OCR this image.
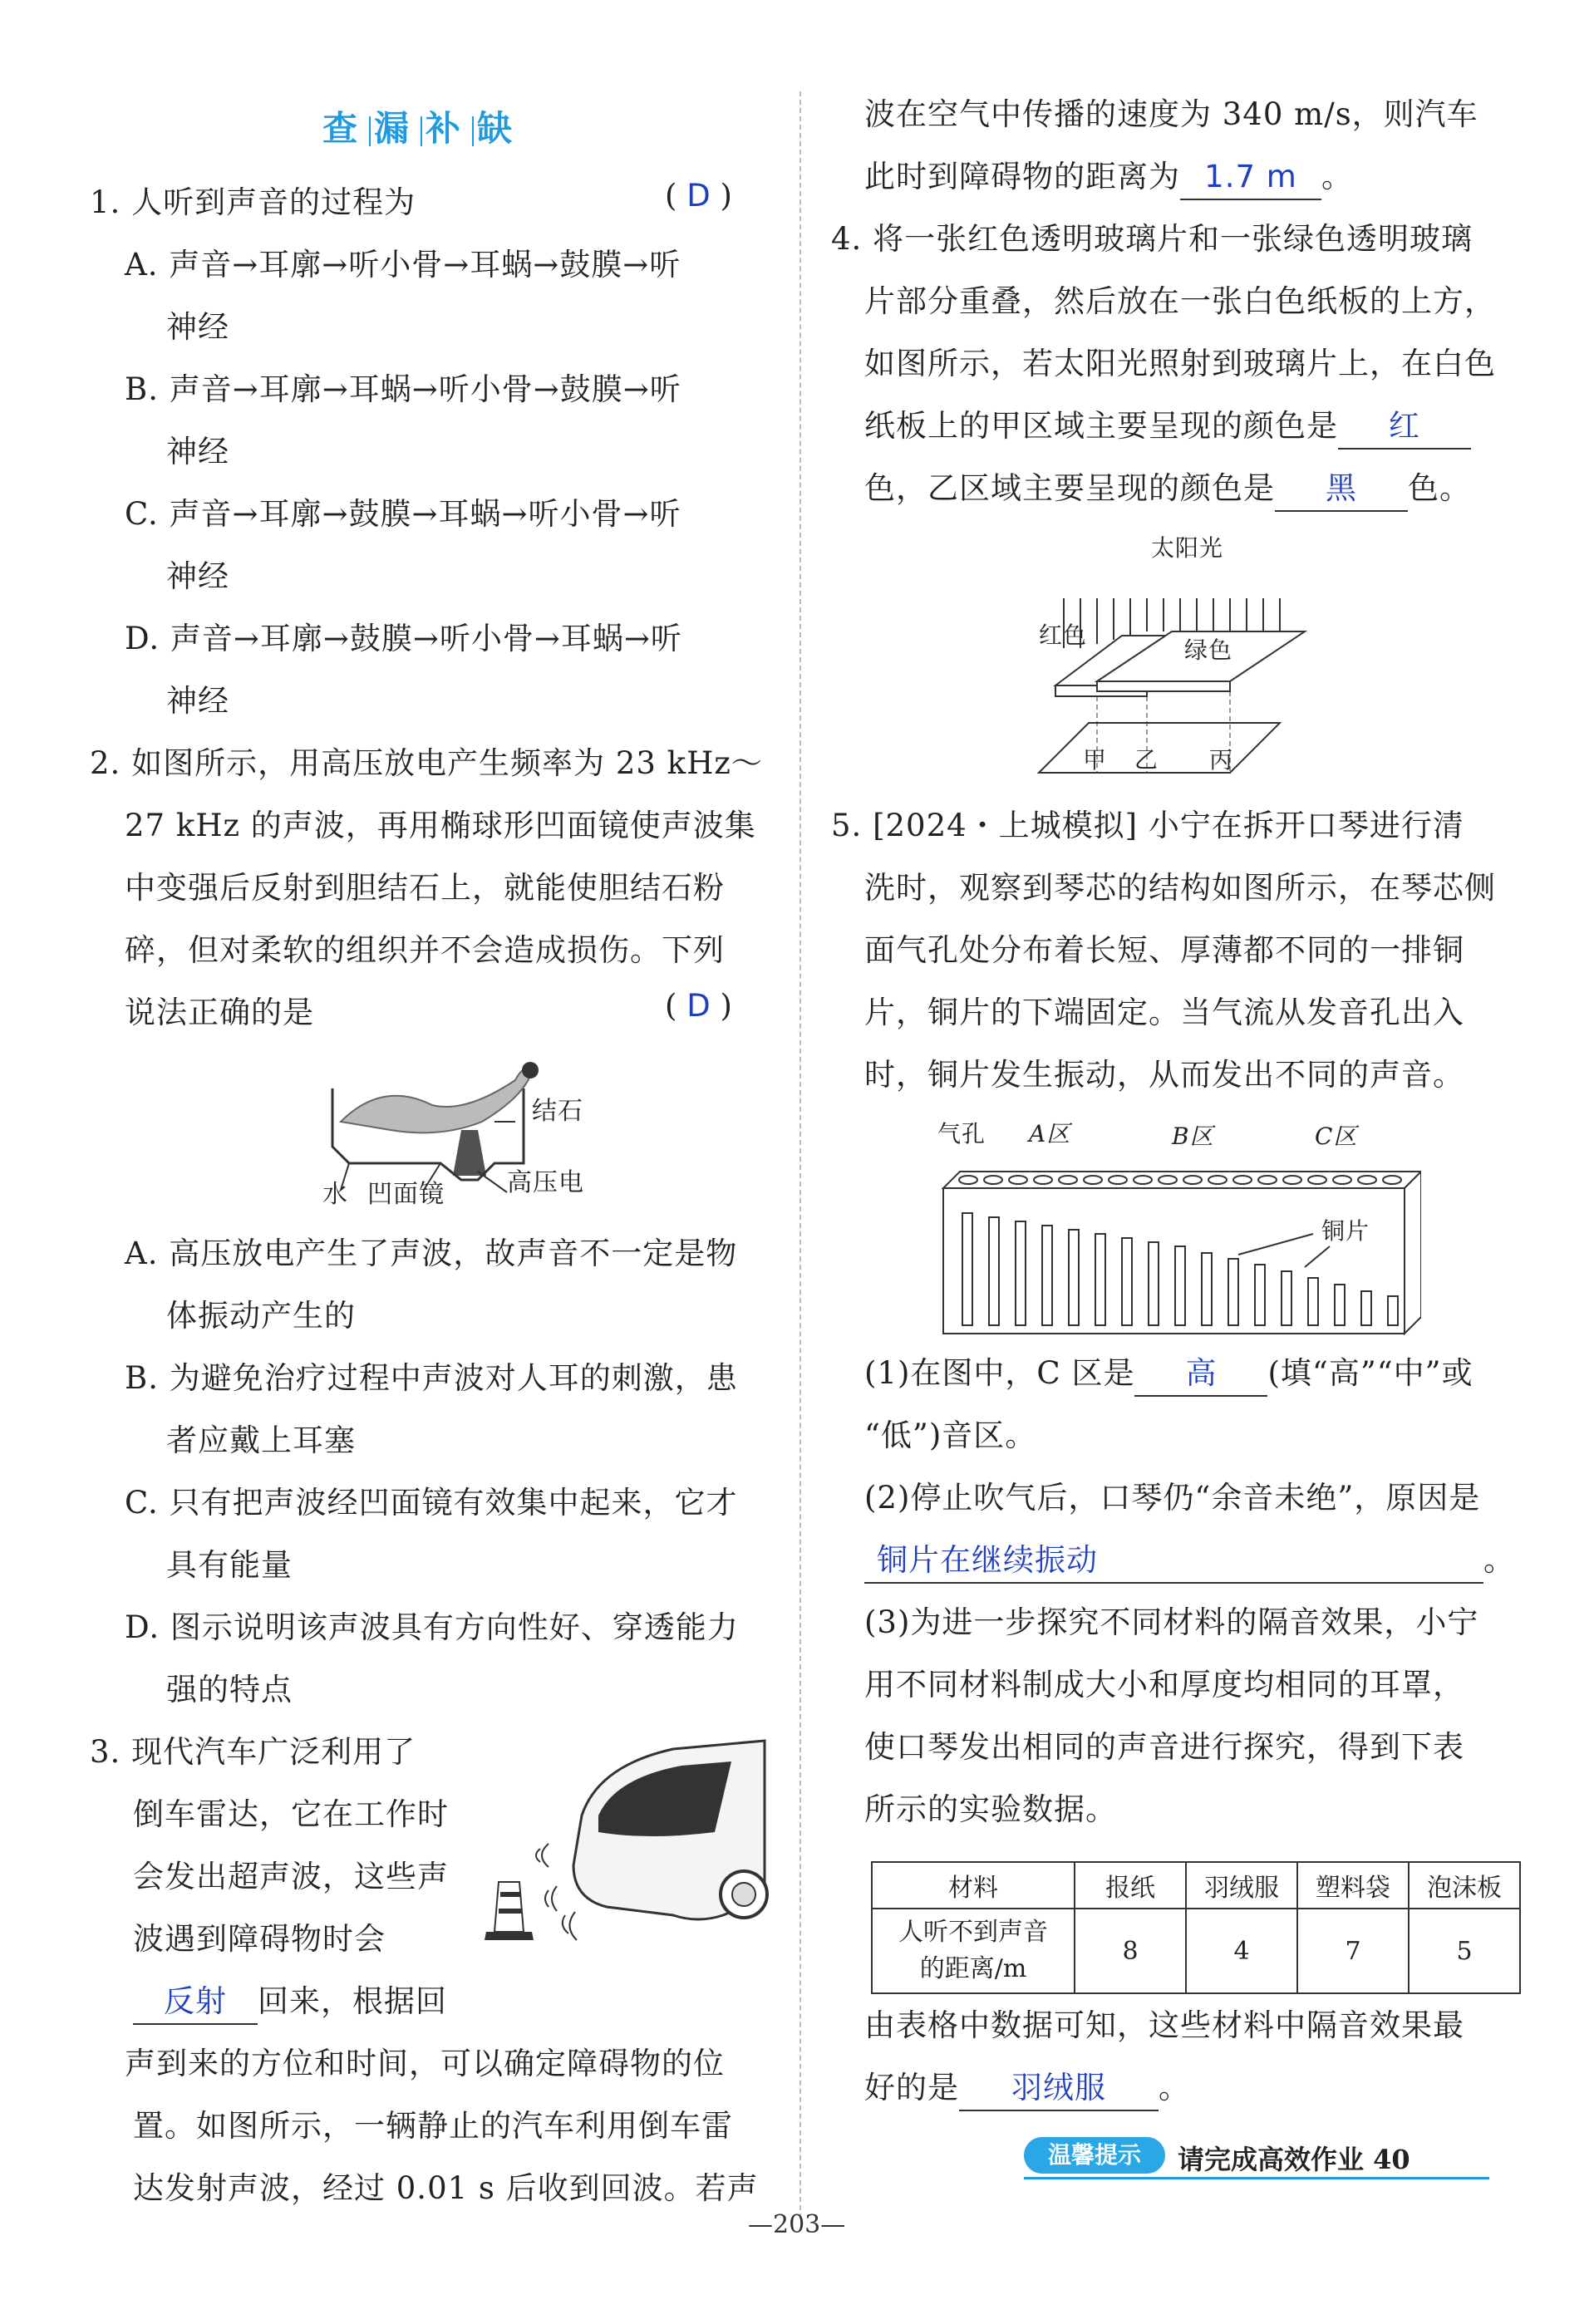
查 漏 补 缺
1. 人听到声音的过程为	( D )
A. 声音→耳廓→听小骨→耳蜗→鼓膜→听
神经
B. 声音→耳廓→耳蜗→听小骨→鼓膜→听
神经
C. 声音→耳廓→鼓膜→耳蜗→听小骨→听
神经
D. 声音→耳廓→鼓膜→听小骨→耳蜗→听
神经
2. 如图所示，用高压放电产生频率为 23 kHz～
27 kHz 的声波，再用椭球形凹面镜使声波集
中变强后反射到胆结石上，就能使胆结石粉
碎，但对柔软的组织并不会造成损伤。下列
说法正确的是	( D )
结石
水 凹面镜	高压电
A. 高压放电产生了声波，故声音不一定是物
体振动产生的
B. 为避免治疗过程中声波对人耳的刺激，患
者应戴上耳塞
C. 只有把声波经凹面镜有效集中起来，它才
具有能量
D. 图示说明该声波具有方向性好、穿透能力
强的特点
3. 现代汽车广泛利用了
倒车雷达，它在工作时
会发出超声波，这些声
波遇到障碍物时会
反射 回来，根据回
声到来的方位和时间，可以确定障碍物的位
置。如图所示，一辆静止的汽车利用倒车雷
达发射声波，经过 0.01 s 后收到回波。若声
波在空气中传播的速度为 340 m/s，则汽车
此时到障碍物的距离为 1.7 m 。
4. 将一张红色透明玻璃片和一张绿色透明玻璃
片部分重叠，然后放在一张白色纸板的上方，
如图所示，若太阳光照射到玻璃片上，在白色
纸板上的甲区域主要呈现的颜色是 红
色，乙区域主要呈现的颜色是 黑 色。
太阳光
红色
绿色
甲 乙 丙
5. [2024・上城模拟] 小宁在拆开口琴进行清
洗时，观察到琴芯的结构如图所示，在琴芯侧
面气孔处分布着长短、厚薄都不同的一排铜
片，铜片的下端固定。当气流从发音孔出入
时，铜片发生振动，从而发出不同的声音。
气孔 A区	B区	C区
铜片
(1)在图中，C 区是 高 (填“高”“中”或
“低”)音区。
(2)停止吹气后，口琴仍“余音未绝”，原因是
铜片在继续振动	。
(3)为进一步探究不同材料的隔音效果，小宁
用不同材料制成大小和厚度均相同的耳罩，
使口琴发出相同的声音进行探究，得到下表
所示的实验数据。
材料	报纸	羽绒服	塑料袋	泡沫板
人听不到声音
的距离/m	8	4	7	5
由表格中数据可知，这些材料中隔音效果最
好的是 羽绒服 。
温馨提示	请完成高效作业 40
—203—
